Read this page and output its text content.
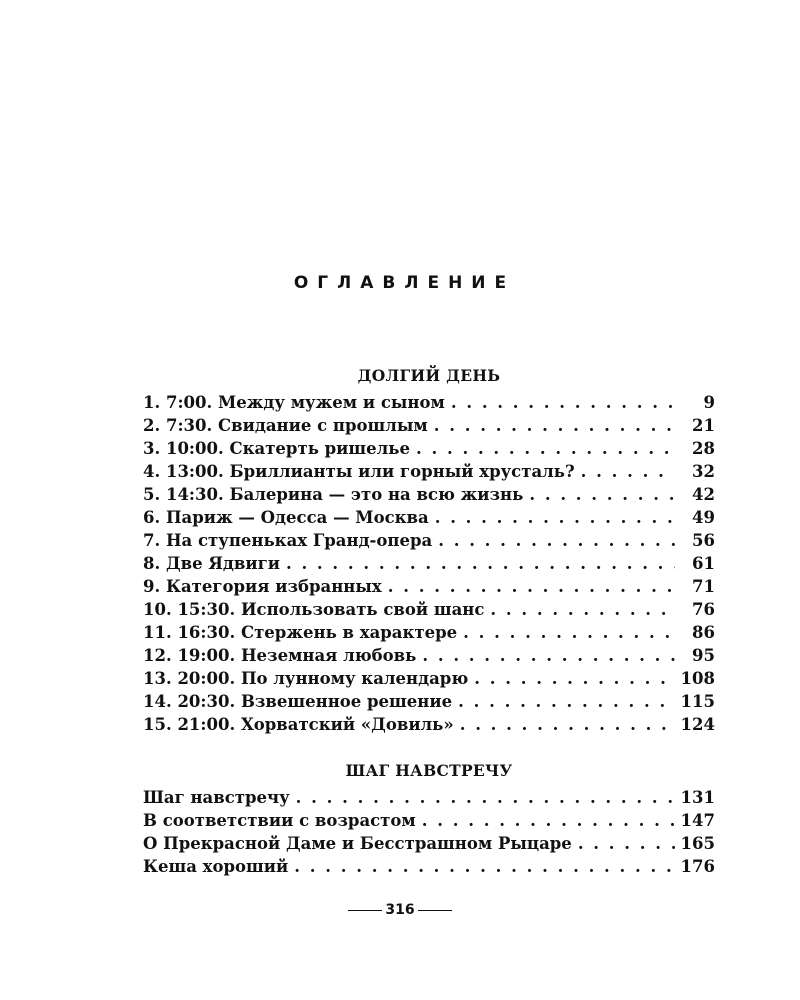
ОГЛАВЛЕНИЕ
ДОЛГИЙ ДЕНЬ
1. 7:00. Между мужем и сыном . . .	9
2. 7:30. Свидание с прошлым . . .	21
3. 10:00. Скатерть ришелье . . .	28
4. 13:00. Бриллианты или горный хрусталь? . . .	32
5. 14:30. Балерина — это на всю жизнь . . .	42
6. Париж — Одесса — Москва . . .	49
7. На ступеньках Гранд-опера . . .	56
8. Две Ядвиги . . .	61
9. Категория избранных . . .	71
10. 15:30. Использовать свой шанс . . .	76
11. 16:30. Стержень в характере . . .	86
12. 19:00. Неземная любовь . . .	95
13. 20:00. По лунному календарю . . .	108
14. 20:30. Взвешенное решение . . .	115
15. 21:00. Хорватский «Довиль» . . .	124
ШАГ НАВСТРЕЧУ
Шаг навстречу . . .	131
В соответствии с возрастом . . .	147
О Прекрасной Даме и Бесстрашном Рыцаре . . .	165
Кеша хороший . . .	176
316
